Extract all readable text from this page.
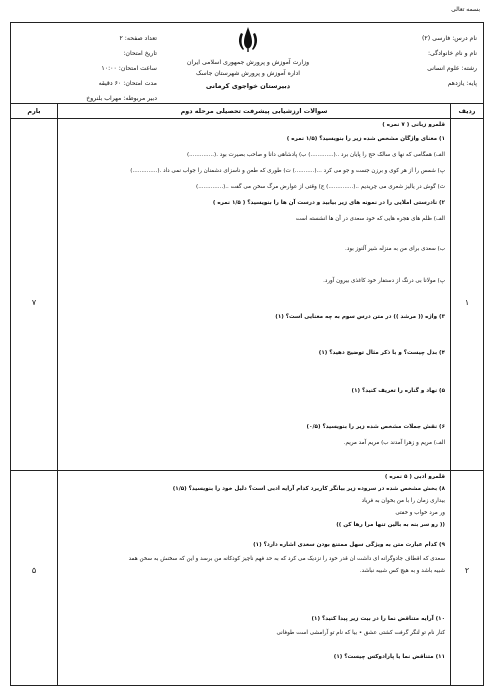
بسمه تعالی
نام درس: فارسی (۲)
نام و نام خانوادگی:
رشته: علوم انسانی
پایه: یازدهم
وزارت آموزش و پرورش جمهوری اسلامی ایران
اداره آموزش و پرورش شهرستان جاسک
دبیرستان خواجوی کرمانی
تعداد صفحه: ۲
تاریخ امتحان:
ساعت امتحان: ۱۰:۰۰
مدت امتحان: ۶۰ دقیقه
دبیر مربوطه: مهراب بلنروخ
ردیف
سوالات ارزشیابی پیشرفت تحصیلی مرحله دوم
بارم
۱
۷
قلمرو زبانی ( ۷ نمره )
۱) معنای واژگان مشخص شده زیر را بنویسید؟ (۱/۵ نمره )
الف) همگامی که نها ی سالک حج را پایان برد ..(.............) ب) پادشاهی دانا و صاحب بصیرت بود .(..............)
پ) شمس را از هر کوی و برزن جست و جو می کرد ...(...........) ت) طوری که طعن و ناسزای دشمنان را جواب نمی داد .(..............)
ث) گوش در یالیز شعری می چریدیم ..(..............) ج) وقتی از عوارض مرگ سخن می گفت ..(..............)
۲) نادرستی املایی را در نمونه های زیر بیابید و درست آن ها را بنویسید؟ ( ۱/۵ نمره )
الف) ظلم های هجره هایی که خود سعدی در آن ها انشسته است
ب) سعدی برای من به منزله شیر آلنوز بود.
پ) مولانا بی درنگ از دستفار خود کاغذی بیرون آورد.
۳) واژه (( مرشد )) در متن درس سوم به چه معنایی است؟ (۱)
۴) بدل چیست؟ و با ذکر مثال توضیح دهید؟ (۱)
۵) نهاد و گناره را تعریف کنید؟ (۱)
۶) نقش جملات مشخص شده زیر را بنویسید؟ (۰/۵)
الف) مریم و زهرا آمدند ب) مریم آمد مریم.
۲
۵
قلمرو ادبی ( ۵ نمره )
۸) بخش مشخص شده در سروده زیر بیانگر کاربرد کدام آرایه ادبی است؟ دلیل خود را بنویسید؟ (۱/۵)
بیداری زمان را با من بخوان به فریاد
ور مرد خواب و خفتی
(( رو سر بنه به بالین تنها مرا رها کن ))
۹) کدام عبارت متن به ویژگی سهل ممتنع بودن سعدی اشاره دارد؟ (۱)
سعدی که اقطاف جادوگرانه ای داشت ان قدر خود را نزدیک می کرد که به حد فهم ناچیز کودکانه من برسد و این که سخنش به سخن همد
شبیه باشد و به هیچ کس شبیه نباشد.
۱۰) آرایه متناقض نما را در بیت زیر پیدا کنید؟ (۱)
کنار نام تو لنگر گرفت کشتی عشق • بیا که نام تو آرامشی است طوفانی
۱۱) متناقض نما یا پارادوکس چیست؟ (۱)
